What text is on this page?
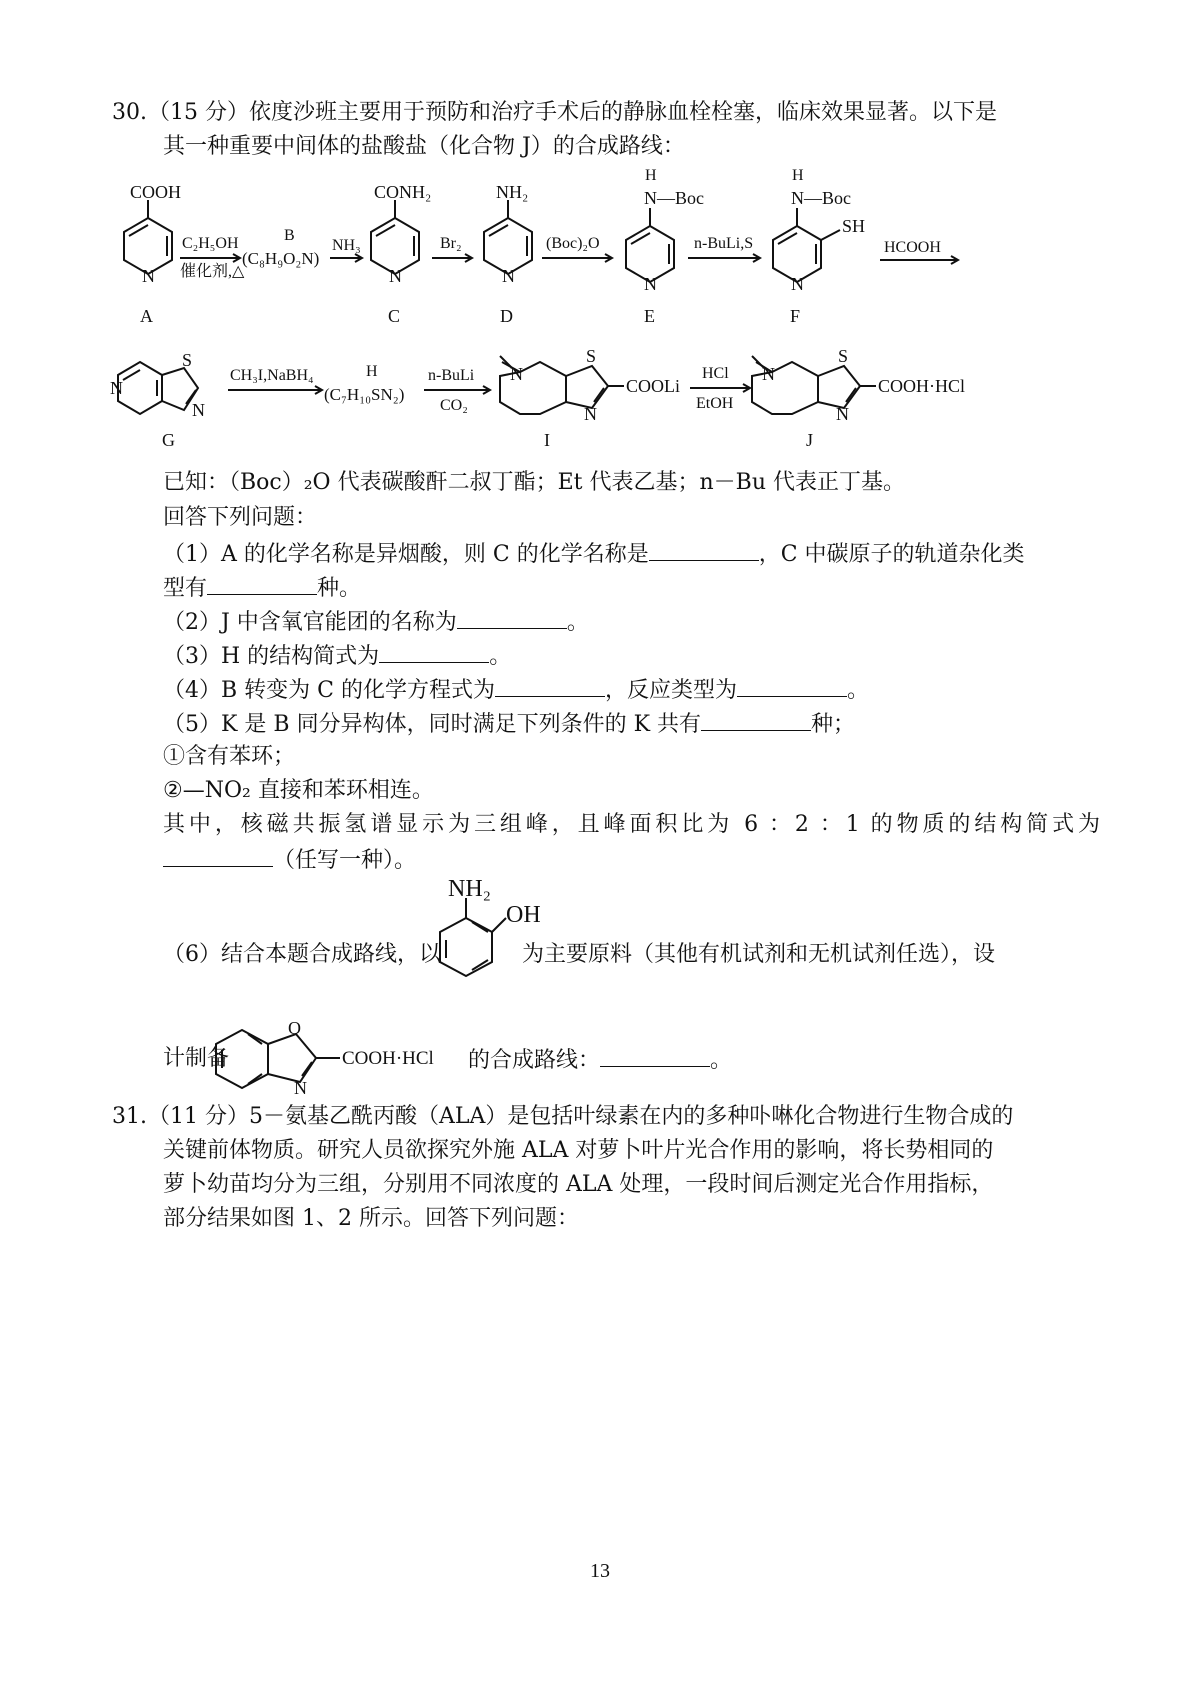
30. （15 分）依度沙班主要用于预防和治疗手术后的静脉血栓栓塞，临床效果显著。以下是
其一种重要中间体的盐酸盐（化合物 J）的合成路线：
N	N	N	N	N
N
S
N
N
S
N
N
S
N
COOH	CONH₂	NH₂
H
N—Boc
H
N—Boc
SH
COOLi	COOH·HCl
C₂H₅OH
催化剂,△
B
(C₈H₉O₂N)
NH₃	Br₂	(Boc)₂O	n-BuLi,S	HCOOH
CH₃I,NaBH₄	H
(C₇H₁₀SN₂)
n-BuLi
CO₂
HCl
EtOH
A	C	D	E	F
G	I	J
已知：（Boc）₂O 代表碳酸酐二叔丁酯；Et 代表乙基；n－Bu 代表正丁基。
回答下列问题：
（1）A 的化学名称是异烟酸，则 C 的化学名称是	，C 中碳原子的轨道杂化类
型有	种。
（2）J 中含氧官能团的名称为	。
（3）H 的结构简式为	。
（4）B 转变为 C 的化学方程式为	，反应类型为	。
（5）K 是 B 同分异构体，同时满足下列条件的 K 共有	种；
①含有苯环；
②—NO₂ 直接和苯环相连。
其中，核磁共振氢谱显示为三组峰，且峰面积比为 6 ：2 ：1 的物质的结构简式为
（任写一种）。
NH₂
OH
O
N
COOH·HCl
（6）结合本题合成路线，以	为主要原料（其他有机试剂和无机试剂任选），设
计制备	的合成路线：	。
31. （11 分）5－氨基乙酰丙酸（ALA）是包括叶绿素在内的多种卟啉化合物进行生物合成的
关键前体物质。研究人员欲探究外施 ALA 对萝卜叶片光合作用的影响，将长势相同的
萝卜幼苗均分为三组，分别用不同浓度的 ALA 处理，一段时间后测定光合作用指标，
部分结果如图 1、2 所示。回答下列问题：
13
